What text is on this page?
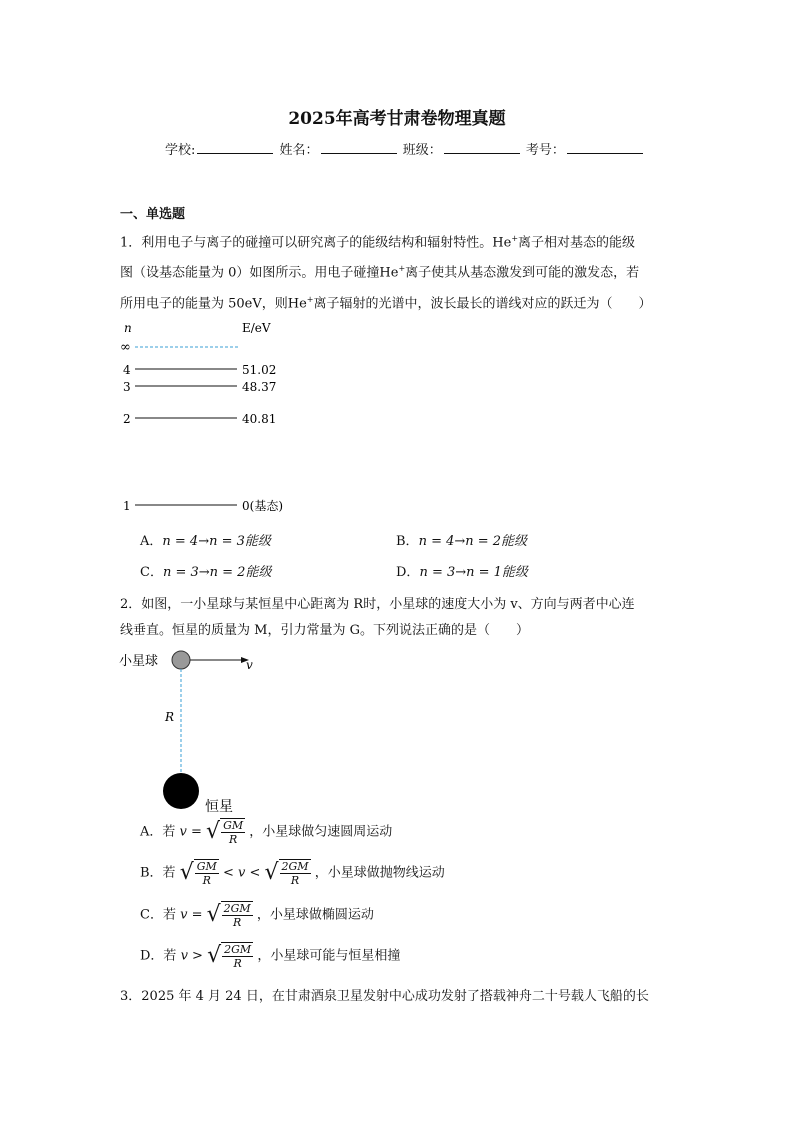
2025年高考甘肃卷物理真题
学校:	姓名：	班级：	考号：
一、单选题
1．利用电子与离子的碰撞可以研究离子的能级结构和辐射特性。He+离子相对基态的能级
图（设基态能量为 0）如图所示。用电子碰撞He+离子使其从基态激发到可能的激发态，若
所用电子的能量为 50eV，则He+离子辐射的光谱中，波长最长的谱线对应的跃迁为（　　）
n	E/eV
∞
4	51.02
3	48.37
2	40.81
1	0(基态)
A．n = 4→n = 3能级	B．n = 4→n = 2能级
C．n = 3→n = 2能级	D．n = 3→n = 1能级
2．如图，一小星球与某恒星中心距离为 R时，小星球的速度大小为 v、方向与两者中心连
线垂直。恒星的质量为 M，引力常量为 G。下列说法正确的是（　　）
小星球	v
R
恒星
A．若 v = √ $\frac{GM}{R}$ ，小星球做匀速圆周运动
B．若 √ $\frac{GM}{R} < v$ < √ $\frac{2GM}{R}$ ，小星球做抛物线运动
C．若 v = √ $\frac{2GM}{R}$ ，小星球做椭圆运动
D．若 v > √ $\frac{2GM}{R}$ ，小星球可能与恒星相撞
3．2025 年 4 月 24 日，在甘肃酒泉卫星发射中心成功发射了搭载神舟二十号载人飞船的长
